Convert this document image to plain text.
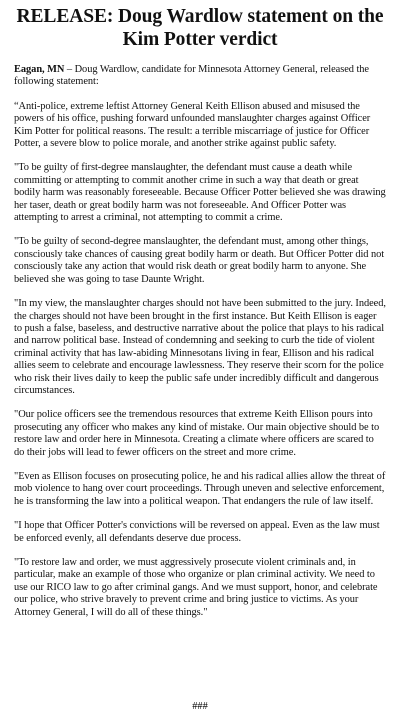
RELEASE: Doug Wardlow statement on the Kim Potter verdict

Eagan, MN – Doug Wardlow, candidate for Minnesota Attorney General, released the following statement:

“Anti-police, extreme leftist Attorney General Keith Ellison abused and misused the powers of his office, pushing forward unfounded manslaughter charges against Officer Kim Potter for political reasons. The result: a terrible miscarriage of justice for Officer Potter, a severe blow to police morale, and another strike against public safety.

"To be guilty of first-degree manslaughter, the defendant must cause a death while committing or attempting to commit another crime in such a way that death or great bodily harm was reasonably foreseeable. Because Officer Potter believed she was drawing her taser, death or great bodily harm was not foreseeable. And Officer Potter was attempting to arrest a criminal, not attempting to commit a crime.

"To be guilty of second-degree manslaughter, the defendant must, among other things, consciously take chances of causing great bodily harm or death. But Officer Potter did not consciously take any action that would risk death or great bodily harm to anyone. She believed she was going to tase Daunte Wright.

"In my view, the manslaughter charges should not have been submitted to the jury. Indeed, the charges should not have been brought in the first instance. But Keith Ellison is eager to push a false, baseless, and destructive narrative about the police that plays to his radical and narrow political base. Instead of condemning and seeking to curb the tide of violent criminal activity that has law-abiding Minnesotans living in fear, Ellison and his radical allies seem to celebrate and encourage lawlessness. They reserve their scorn for the police who risk their lives daily to keep the public safe under incredibly difficult and dangerous circumstances.

"Our police officers see the tremendous resources that extreme Keith Ellison pours into prosecuting any officer who makes any kind of mistake. Our main objective should be to restore law and order here in Minnesota. Creating a climate where officers are scared to do their jobs will lead to fewer officers on the street and more crime.

"Even as Ellison focuses on prosecuting police, he and his radical allies allow the threat of mob violence to hang over court proceedings. Through uneven and selective enforcement, he is transforming the law into a political weapon. That endangers the rule of law itself.

"I hope that Officer Potter's convictions will be reversed on appeal. Even as the law must be enforced evenly, all defendants deserve due process.

"To restore law and order, we must aggressively prosecute violent criminals and, in particular, make an example of those who organize or plan criminal activity. We need to use our RICO law to go after criminal gangs. And we must support, honor, and celebrate our police, who strive bravely to prevent crime and bring justice to victims. As your Attorney General, I will do all of these things."

###
